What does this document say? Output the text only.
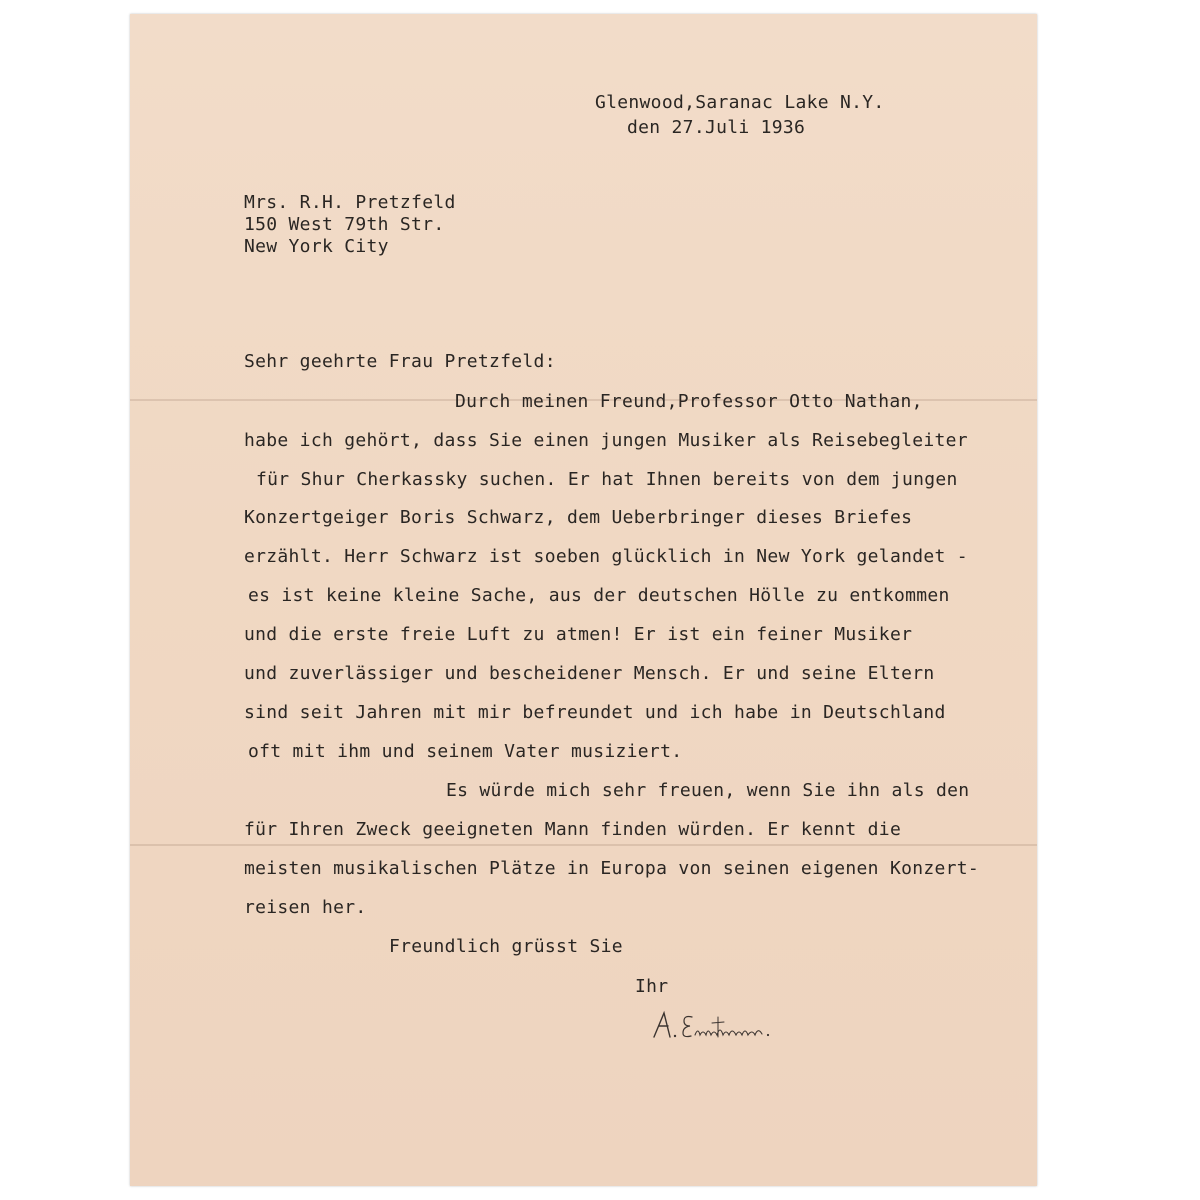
Glenwood,Saranac Lake N.Y.
den 27.Juli 1936
Mrs. R.H. Pretzfeld
150 West 79th Str.
New York City
Sehr geehrte Frau Pretzfeld:
Durch meinen Freund,Professor Otto Nathan,
habe ich gehört, dass Sie einen jungen Musiker als Reisebegleiter
für Shur Cherkassky suchen. Er hat Ihnen bereits von dem jungen
Konzertgeiger Boris Schwarz, dem Ueberbringer dieses Briefes
erzählt. Herr Schwarz ist soeben glücklich in New York gelandet -
es ist keine kleine Sache, aus der deutschen Hölle zu entkommen
und die erste freie Luft zu atmen! Er ist ein feiner Musiker
und zuverlässiger und bescheidener Mensch. Er und seine Eltern
sind seit Jahren mit mir befreundet und ich habe in Deutschland
oft mit ihm und seinem Vater musiziert.
Es würde mich sehr freuen, wenn Sie ihn als den
für Ihren Zweck geeigneten Mann finden würden. Er kennt die
meisten musikalischen Plätze in Europa von seinen eigenen Konzert-
reisen her.
Freundlich grüsst Sie
Ihr
